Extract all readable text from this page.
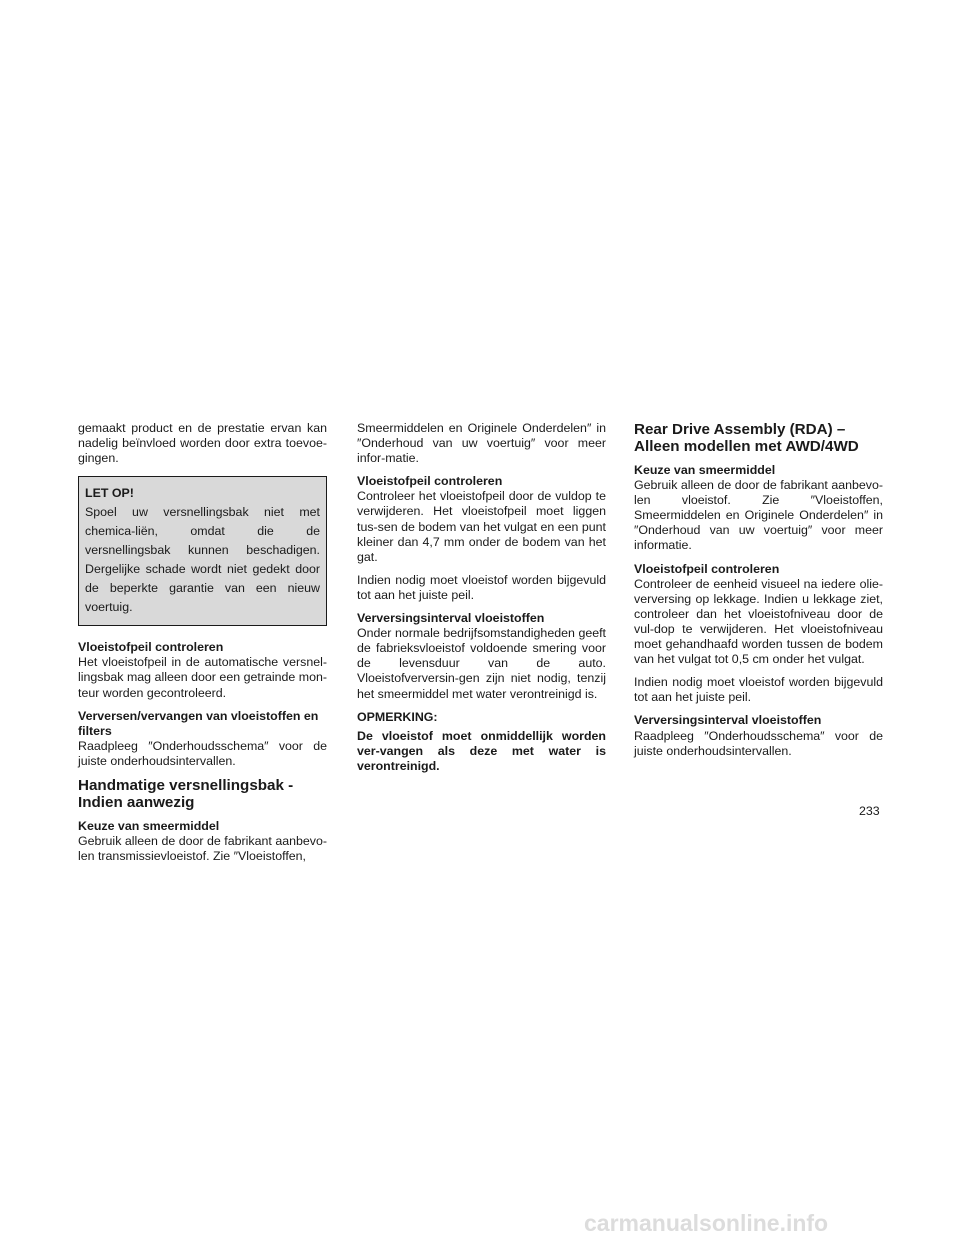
gemaakt product en de prestatie ervan kan nadelig beïnvloed worden door extra toevoe-gingen.

LET OP!
Spoel uw versnellingsbak niet met chemica-liën, omdat die de versnellingsbak kunnen beschadigen. Dergelijke schade wordt niet gedekt door de beperkte garantie van een nieuw voertuig.
Vloeistofpeil controleren

Het vloeistofpeil in de automatische versnel-lingsbak mag alleen door een getrainde mon-teur worden gecontroleerd.

Verversen/vervangen van vloeistoffen en filters

Raadpleeg ″Onderhoudsschema″ voor de juiste onderhoudsintervallen.

Handmatige versnellingsbak - Indien aanwezig
Keuze van smeermiddel

Gebruik alleen de door de fabrikant aanbevo-len transmissievloeistof. Zie ″Vloeistoffen,

Smeermiddelen en Originele Onderdelen″ in ″Onderhoud van uw voertuig″ voor meer infor-matie.

Vloeistofpeil controleren

Controleer het vloeistofpeil door de vuldop te verwijderen. Het vloeistofpeil moet liggen tus-sen de bodem van het vulgat en een punt kleiner dan 4,7 mm onder de bodem van het gat.

Indien nodig moet vloeistof worden bijgevuld tot aan het juiste peil.

Verversingsinterval vloeistoffen

Onder normale bedrijfsomstandigheden geeft de fabrieksvloeistof voldoende smering voor de levensduur van de auto. Vloeistofverversin-gen zijn niet nodig, tenzij het smeermiddel met water verontreinigd is.

OPMERKING:

De vloeistof moet onmiddellijk worden ver-vangen als deze met water is verontreinigd.

Rear Drive Assembly (RDA) – Alleen modellen met AWD/4WD
Keuze van smeermiddel

Gebruik alleen de door de fabrikant aanbevo-len vloeistof. Zie ″Vloeistoffen, Smeermiddelen en Originele Onderdelen″ in ″Onderhoud van uw voertuig″ voor meer informatie.

Vloeistofpeil controleren

Controleer de eenheid visueel na iedere olie-verversing op lekkage. Indien u lekkage ziet, controleer dan het vloeistofniveau door de vul-dop te verwijderen. Het vloeistofniveau moet gehandhaafd worden tussen de bodem van het vulgat tot 0,5 cm onder het vulgat.

Indien nodig moet vloeistof worden bijgevuld tot aan het juiste peil.

Verversingsinterval vloeistoffen

Raadpleeg ″Onderhoudsschema″ voor de juiste onderhoudsintervallen.

233
carmanualsonline.info
